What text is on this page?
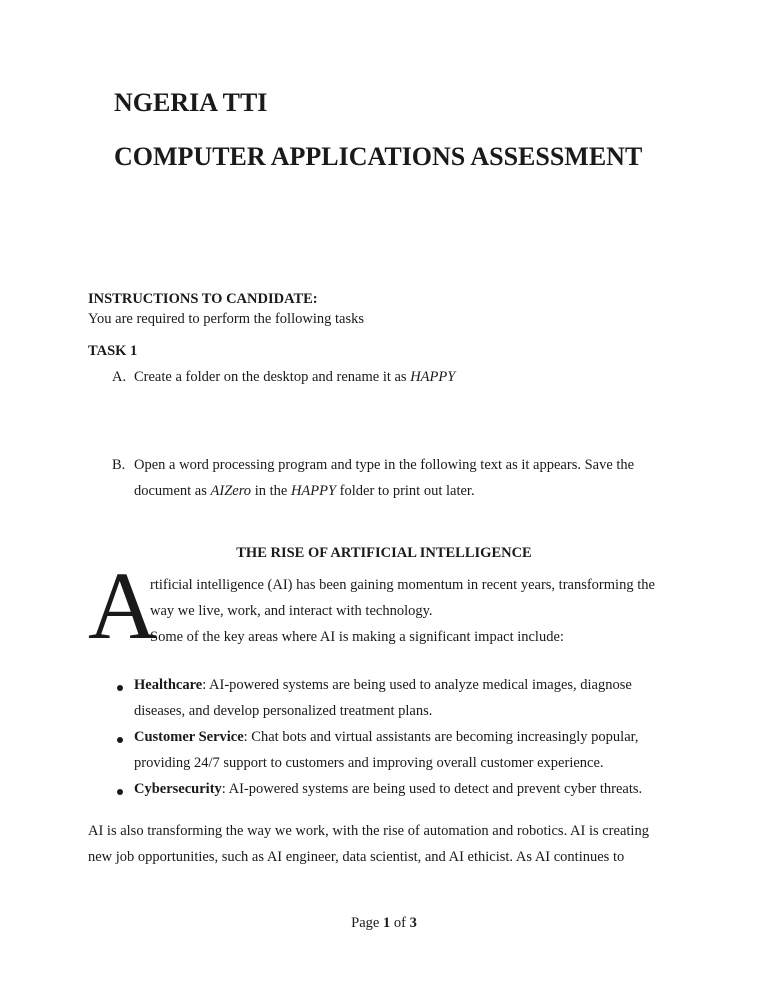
NGERIA TTI
COMPUTER APPLICATIONS ASSESSMENT
INSTRUCTIONS TO CANDIDATE:
You are required to perform the following tasks
TASK 1
A. Create a folder on the desktop and rename it as HAPPY
B. Open a word processing program and type in the following text as it appears. Save the
document as AIZero in the HAPPY folder to print out later.
THE RISE OF ARTIFICIAL INTELLIGENCE
A
rtificial intelligence (AI) has been gaining momentum in recent years, transforming the
way we live, work, and interact with technology.
Some of the key areas where AI is making a significant impact include:
Healthcare: AI-powered systems are being used to analyze medical images, diagnose
diseases, and develop personalized treatment plans.
Customer Service: Chat bots and virtual assistants are becoming increasingly popular,
providing 24/7 support to customers and improving overall customer experience.
Cybersecurity: AI-powered systems are being used to detect and prevent cyber threats.
AI is also transforming the way we work, with the rise of automation and robotics. AI is creating
new job opportunities, such as AI engineer, data scientist, and AI ethicist. As AI continues to
Page 1 of 3
